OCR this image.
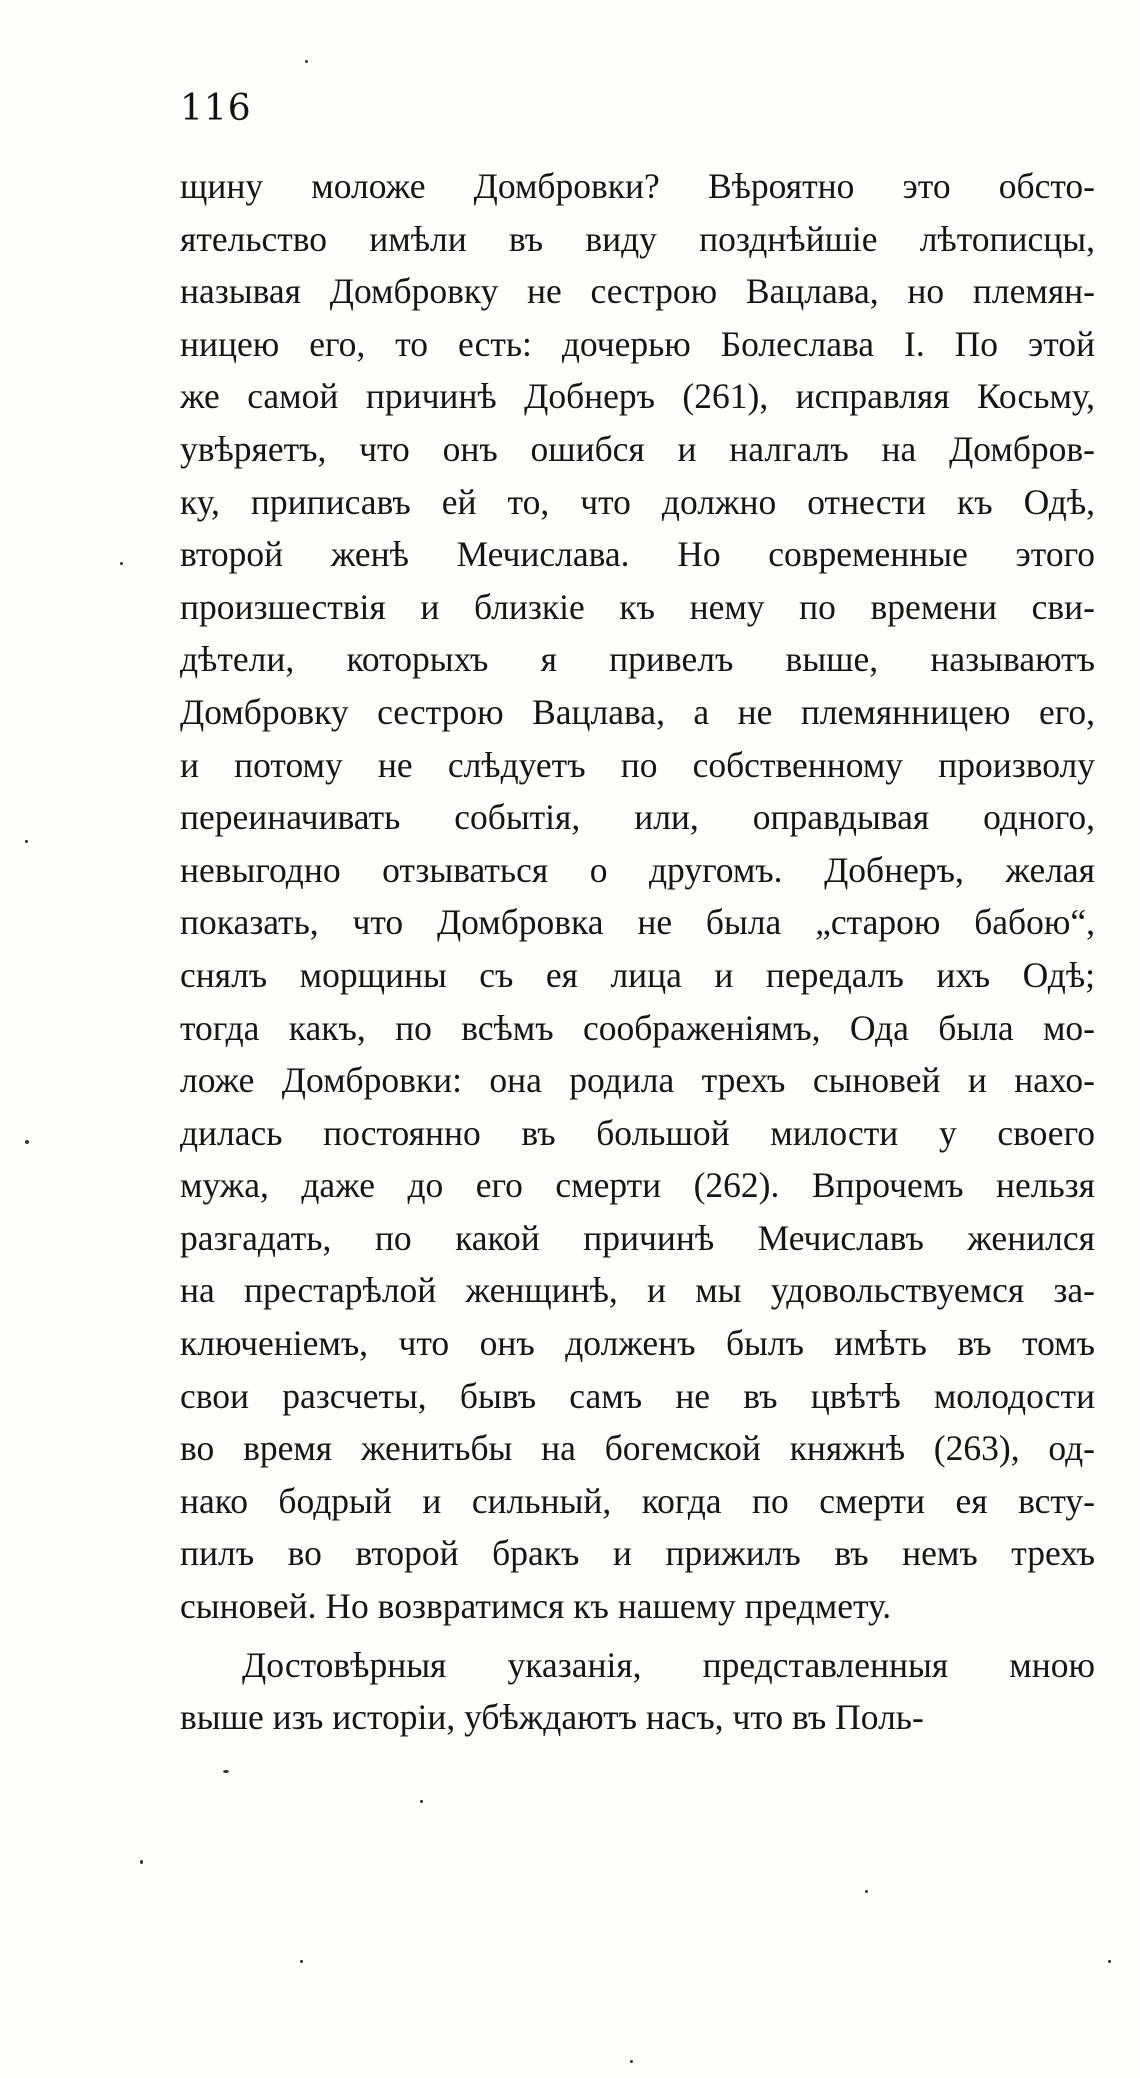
116
щину моложе Домбровки? Вѣроятно это обсто-
ятельство имѣли въ виду позднѣйшіе лѣтописцы,
называя Домбровку не сестрою Вацлава, но племян-
ницею его, то есть: дочерью Болеслава I. По этой
же самой причинѣ Добнеръ (261), исправляя Косьму,
увѣряетъ, что онъ ошибся и налгалъ на Домбров-
ку, приписавъ ей то, что должно отнести къ Одѣ,
второй женѣ Мечислава. Но современные этого
произшествія и близкіе къ нему по времени сви-
дѣтели, которыхъ я привелъ выше, называютъ
Домбровку сестрою Вацлава, а не племянницею его,
и потому не слѣдуетъ по собственному произволу
переиначивать событія, или, оправдывая одного,
невыгодно отзываться о другомъ. Добнеръ, желая
показать, что Домбровка не была „старою бабою“,
снялъ морщины съ ея лица и передалъ ихъ Одѣ;
тогда какъ, по всѣмъ соображеніямъ, Ода была мо-
ложе Домбровки: она родила трехъ сыновей и нахо-
дилась постоянно въ большой милости у своего
мужа, даже до его смерти (262). Впрочемъ нельзя
разгадать, по какой причинѣ Мечиславъ женился
на престарѣлой женщинѣ, и мы удовольствуемся за-
ключеніемъ, что онъ долженъ былъ имѣть въ томъ
свои разсчеты, бывъ самъ не въ цвѣтѣ молодости
во время женитьбы на богемской княжнѣ (263), од-
нако бодрый и сильный, когда по смерти ея всту-
пилъ во второй бракъ и прижилъ въ немъ трехъ
сыновей. Но возвратимся къ нашему предмету.
Достовѣрныя указанія, представленныя мною
выше изъ исторіи, убѣждаютъ насъ, что въ Поль-
